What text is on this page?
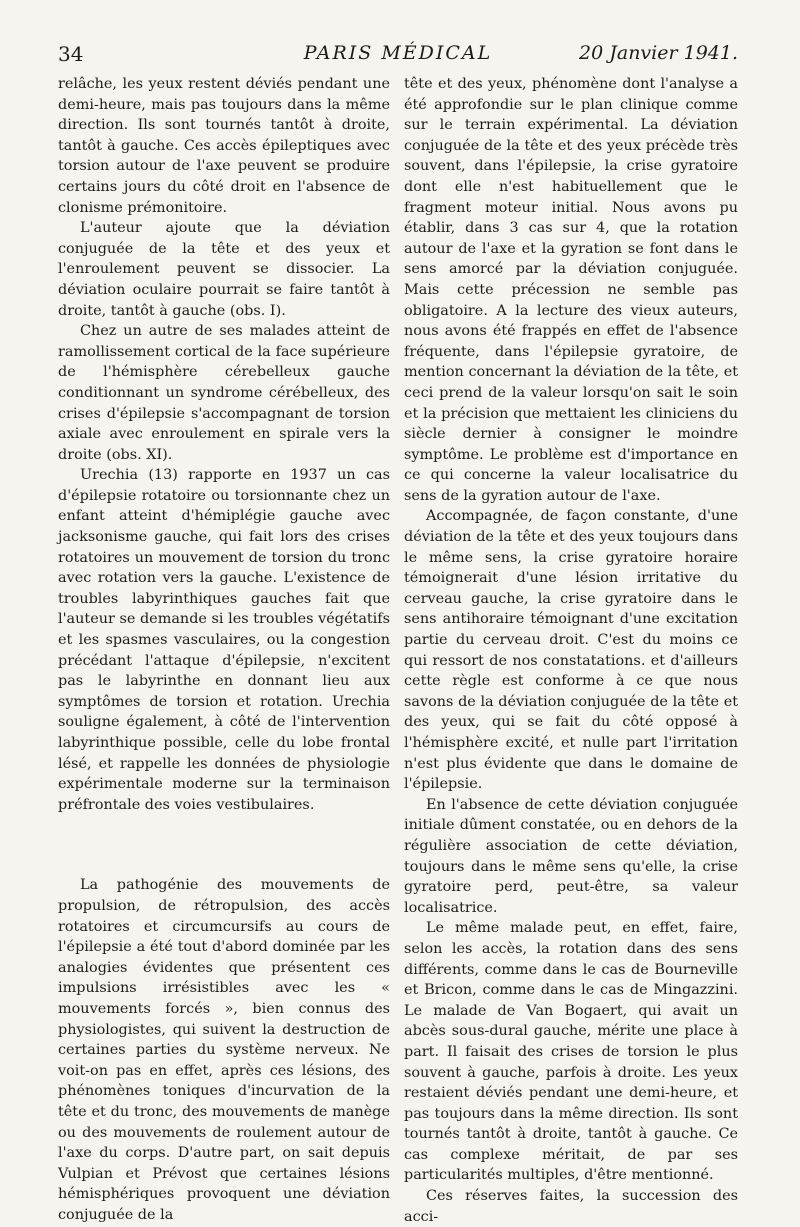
34	PARIS MÉDICAL	20 Janvier 1941.

relâche, les yeux restent déviés pendant une demi-heure, mais pas toujours dans la même direction. Ils sont tournés tantôt à droite, tantôt à gauche. Ces accès épileptiques avec torsion autour de l'axe peuvent se produire certains jours du côté droit en l'absence de clonisme prémonitoire.

L'auteur ajoute que la déviation conjuguée de la tête et des yeux et l'enroulement peuvent se dissocier. La déviation oculaire pourrait se faire tantôt à droite, tantôt à gauche (obs. I).

Chez un autre de ses malades atteint de ramollissement cortical de la face supérieure de l'hémisphère cérebelleux gauche conditionnant un syndrome cérébelleux, des crises d'épilepsie s'accompagnant de torsion axiale avec enroulement en spirale vers la droite (obs. XI).

Urechia (13) rapporte en 1937 un cas d'épilepsie rotatoire ou torsionnante chez un enfant atteint d'hémiplégie gauche avec jacksonisme gauche, qui fait lors des crises rotatoires un mouvement de torsion du tronc avec rotation vers la gauche. L'existence de troubles labyrinthiques gauches fait que l'auteur se demande si les troubles végétatifs et les spasmes vasculaires, ou la congestion précédant l'attaque d'épilepsie, n'excitent pas le labyrinthe en donnant lieu aux symptômes de torsion et rotation. Urechia souligne également, à côté de l'intervention labyrinthique possible, celle du lobe frontal lésé, et rappelle les données de physiologie expérimentale moderne sur la terminaison préfrontale des voies vestibulaires.

La pathogénie des mouvements de propulsion, de rétropulsion, des accès rotatoires et circumcursifs au cours de l'épilepsie a été tout d'abord dominée par les analogies évidentes que présentent ces impulsions irrésistibles avec les « mouvements forcés », bien connus des physiologistes, qui suivent la destruction de certaines parties du système nerveux. Ne voit-on pas en effet, après ces lésions, des phénomènes toniques d'incurvation de la tête et du tronc, des mouvements de manège ou des mouvements de roulement autour de l'axe du corps. D'autre part, on sait depuis Vulpian et Prévost que certaines lésions hémisphériques provoquent une déviation conjuguée de la

tête et des yeux, phénomène dont l'analyse a été approfondie sur le plan clinique comme sur le terrain expérimental. La déviation conjuguée de la tête et des yeux précède très souvent, dans l'épilepsie, la crise gyratoire dont elle n'est habituellement que le fragment moteur initial. Nous avons pu établir, dans 3 cas sur 4, que la rotation autour de l'axe et la gyration se font dans le sens amorcé par la déviation conjuguée. Mais cette précession ne semble pas obligatoire. A la lecture des vieux auteurs, nous avons été frappés en effet de l'absence fréquente, dans l'épilepsie gyratoire, de mention concernant la déviation de la tête, et ceci prend de la valeur lorsqu'on sait le soin et la précision que mettaient les cliniciens du siècle dernier à consigner le moindre symptôme. Le problème est d'importance en ce qui concerne la valeur localisatrice du sens de la gyration autour de l'axe.

Accompagnée, de façon constante, d'une déviation de la tête et des yeux toujours dans le même sens, la crise gyratoire horaire témoignerait d'une lésion irritative du cerveau gauche, la crise gyratoire dans le sens antihoraire témoignant d'une excitation partie du cerveau droit. C'est du moins ce qui ressort de nos constatations. et d'ailleurs cette règle est conforme à ce que nous savons de la déviation conjuguée de la tête et des yeux, qui se fait du côté opposé à l'hémisphère excité, et nulle part l'irritation n'est plus évidente que dans le domaine de l'épilepsie.

En l'absence de cette déviation conjuguée initiale dûment constatée, ou en dehors de la régulière association de cette déviation, toujours dans le même sens qu'elle, la crise gyratoire perd, peut-être, sa valeur localisatrice.

Le même malade peut, en effet, faire, selon les accès, la rotation dans des sens différents, comme dans le cas de Bourneville et Bricon, comme dans le cas de Mingazzini. Le malade de Van Bogaert, qui avait un abcès sous-dural gauche, mérite une place à part. Il faisait des crises de torsion le plus souvent à gauche, parfois à droite. Les yeux restaient déviés pendant une demi-heure, et pas toujours dans la même direction. Ils sont tournés tantôt à droite, tantôt à gauche. Ce cas complexe méritait, de par ses particularités multiples, d'être mentionné.

Ces réserves faites, la succession des acci-
